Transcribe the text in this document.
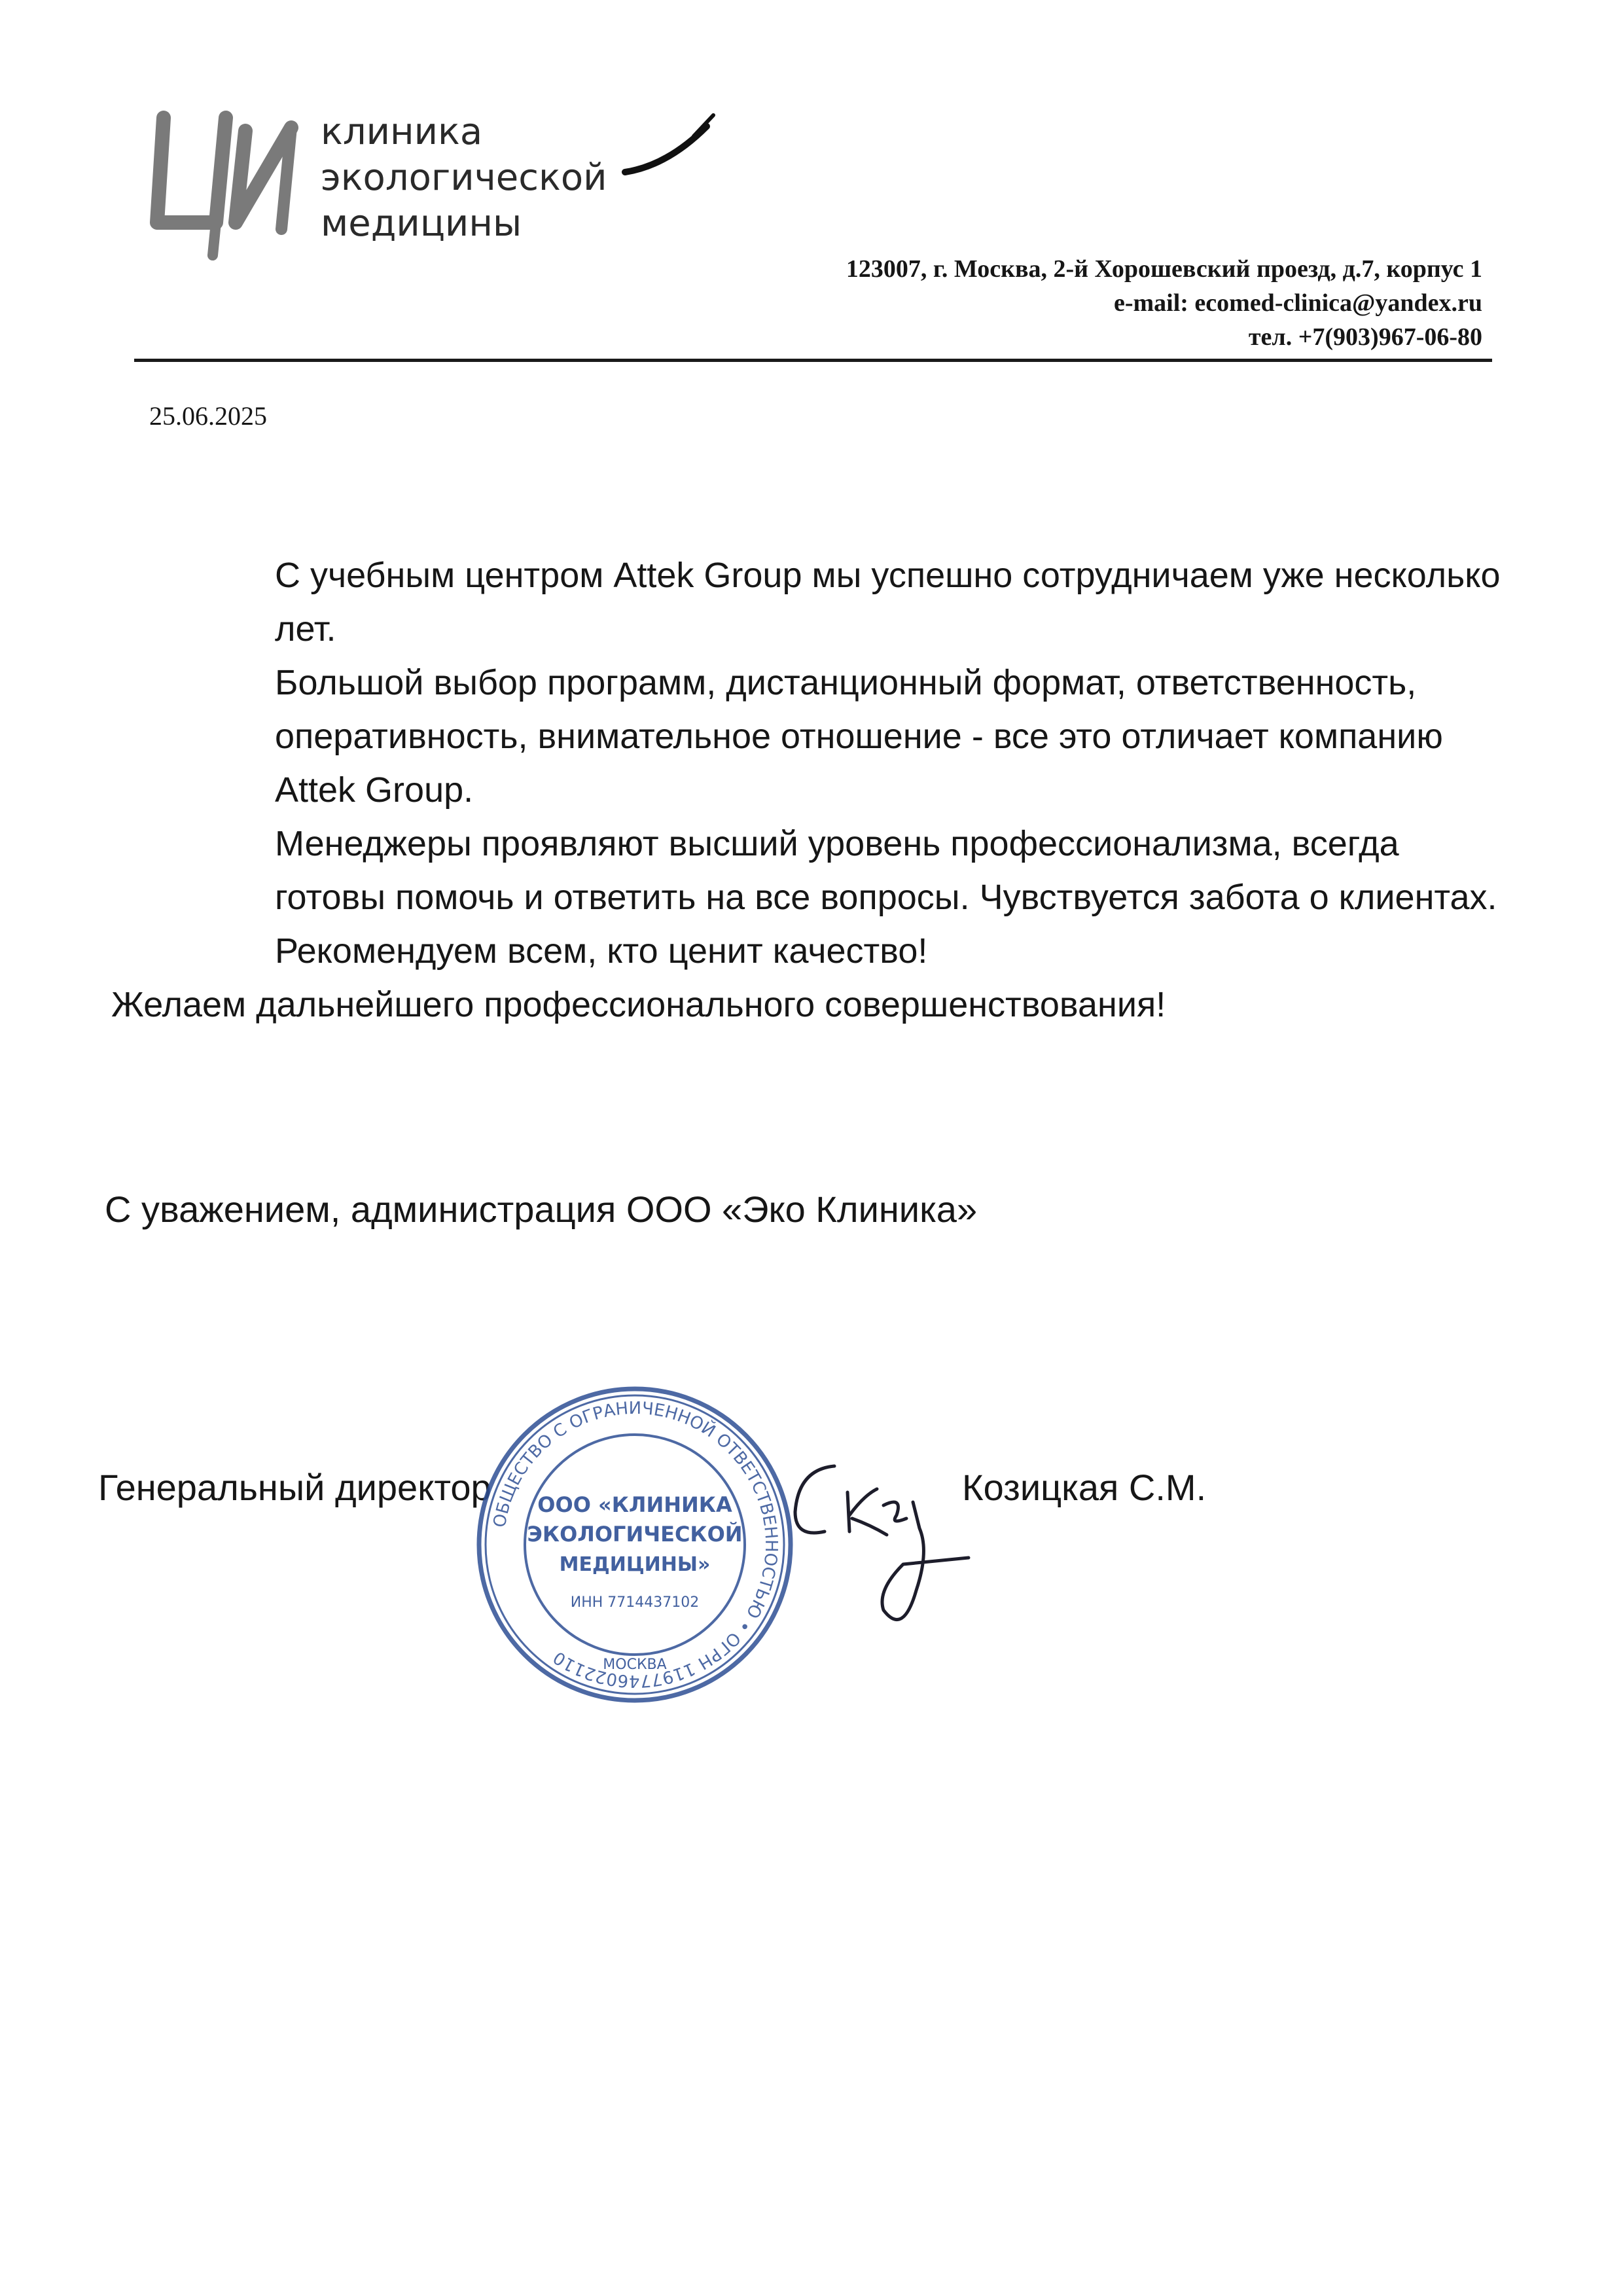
клиника
экологической
медицины
123007, г. Москва, 2-й Хорошевский проезд, д.7, корпус 1
e-mail: ecomed-clinica@yandex.ru
тел. +7(903)967-06-80
25.06.2025

С учебным центром Attek Group мы успешно сотрудничаем уже несколько лет.

Большой выбор программ, дистанционный формат, ответственность, оперативность, внимательное отношение - все это отличает компанию Attek Group.

Менеджеры проявляют высший уровень профессионализма, всегда готовы помочь и ответить на все вопросы. Чувствуется забота о клиентах.

Рекомендуем всем, кто ценит качество!

Желаем дальнейшего профессионального совершенствования!

С уважением, администрация ООО «Эко Клиника»
Генеральный директор	Козицкая С.М.
ОБЩЕСТВО С ОГРАНИЧЕННОЙ ОТВЕТСТВЕННОСТЬЮ • ОГРН 1197746022110
ООО «КЛИНИКА
ЭКОЛОГИЧЕСКОЙ
МЕДИЦИНЫ»
ИНН 7714437102
МОСКВА
